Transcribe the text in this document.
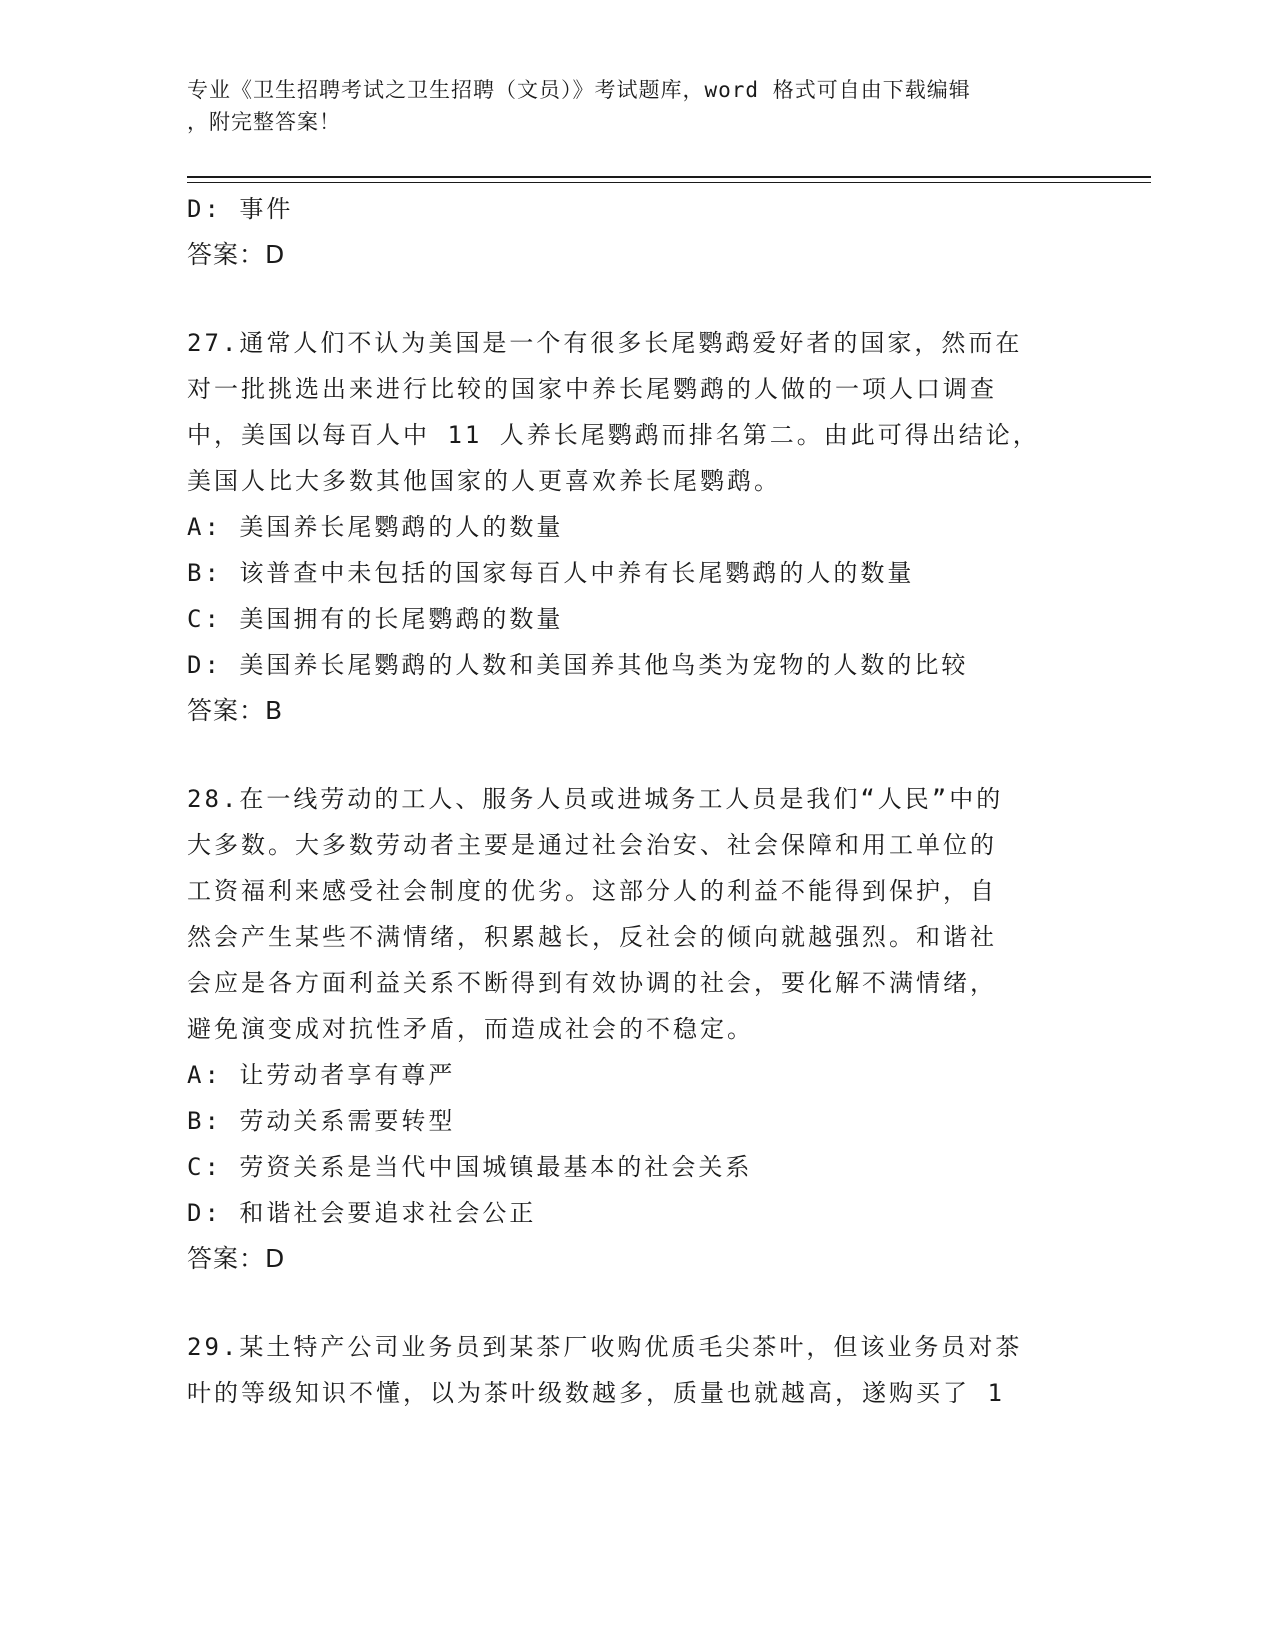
专业《卫生招聘考试之卫生招聘（文员）》考试题库，word 格式可自由下载编辑
，附完整答案！
D: 事件
答案：D
27.通常人们不认为美国是一个有很多长尾鹦鹉爱好者的国家，然而在
对一批挑选出来进行比较的国家中养长尾鹦鹉的人做的一项人口调查
中，美国以每百人中 11 人养长尾鹦鹉而排名第二。由此可得出结论，
美国人比大多数其他国家的人更喜欢养长尾鹦鹉。
A: 美国养长尾鹦鹉的人的数量
B: 该普查中未包括的国家每百人中养有长尾鹦鹉的人的数量
C: 美国拥有的长尾鹦鹉的数量
D: 美国养长尾鹦鹉的人数和美国养其他鸟类为宠物的人数的比较
答案：B
28.在一线劳动的工人、服务人员或进城务工人员是我们“人民”中的
大多数。大多数劳动者主要是通过社会治安、社会保障和用工单位的
工资福利来感受社会制度的优劣。这部分人的利益不能得到保护，自
然会产生某些不满情绪，积累越长，反社会的倾向就越强烈。和谐社
会应是各方面利益关系不断得到有效协调的社会，要化解不满情绪，
避免演变成对抗性矛盾，而造成社会的不稳定。
A: 让劳动者享有尊严
B: 劳动关系需要转型
C: 劳资关系是当代中国城镇最基本的社会关系
D: 和谐社会要追求社会公正
答案：D
29.某土特产公司业务员到某茶厂收购优质毛尖茶叶，但该业务员对茶
叶的等级知识不懂，以为茶叶级数越多，质量也就越高，遂购买了 1
